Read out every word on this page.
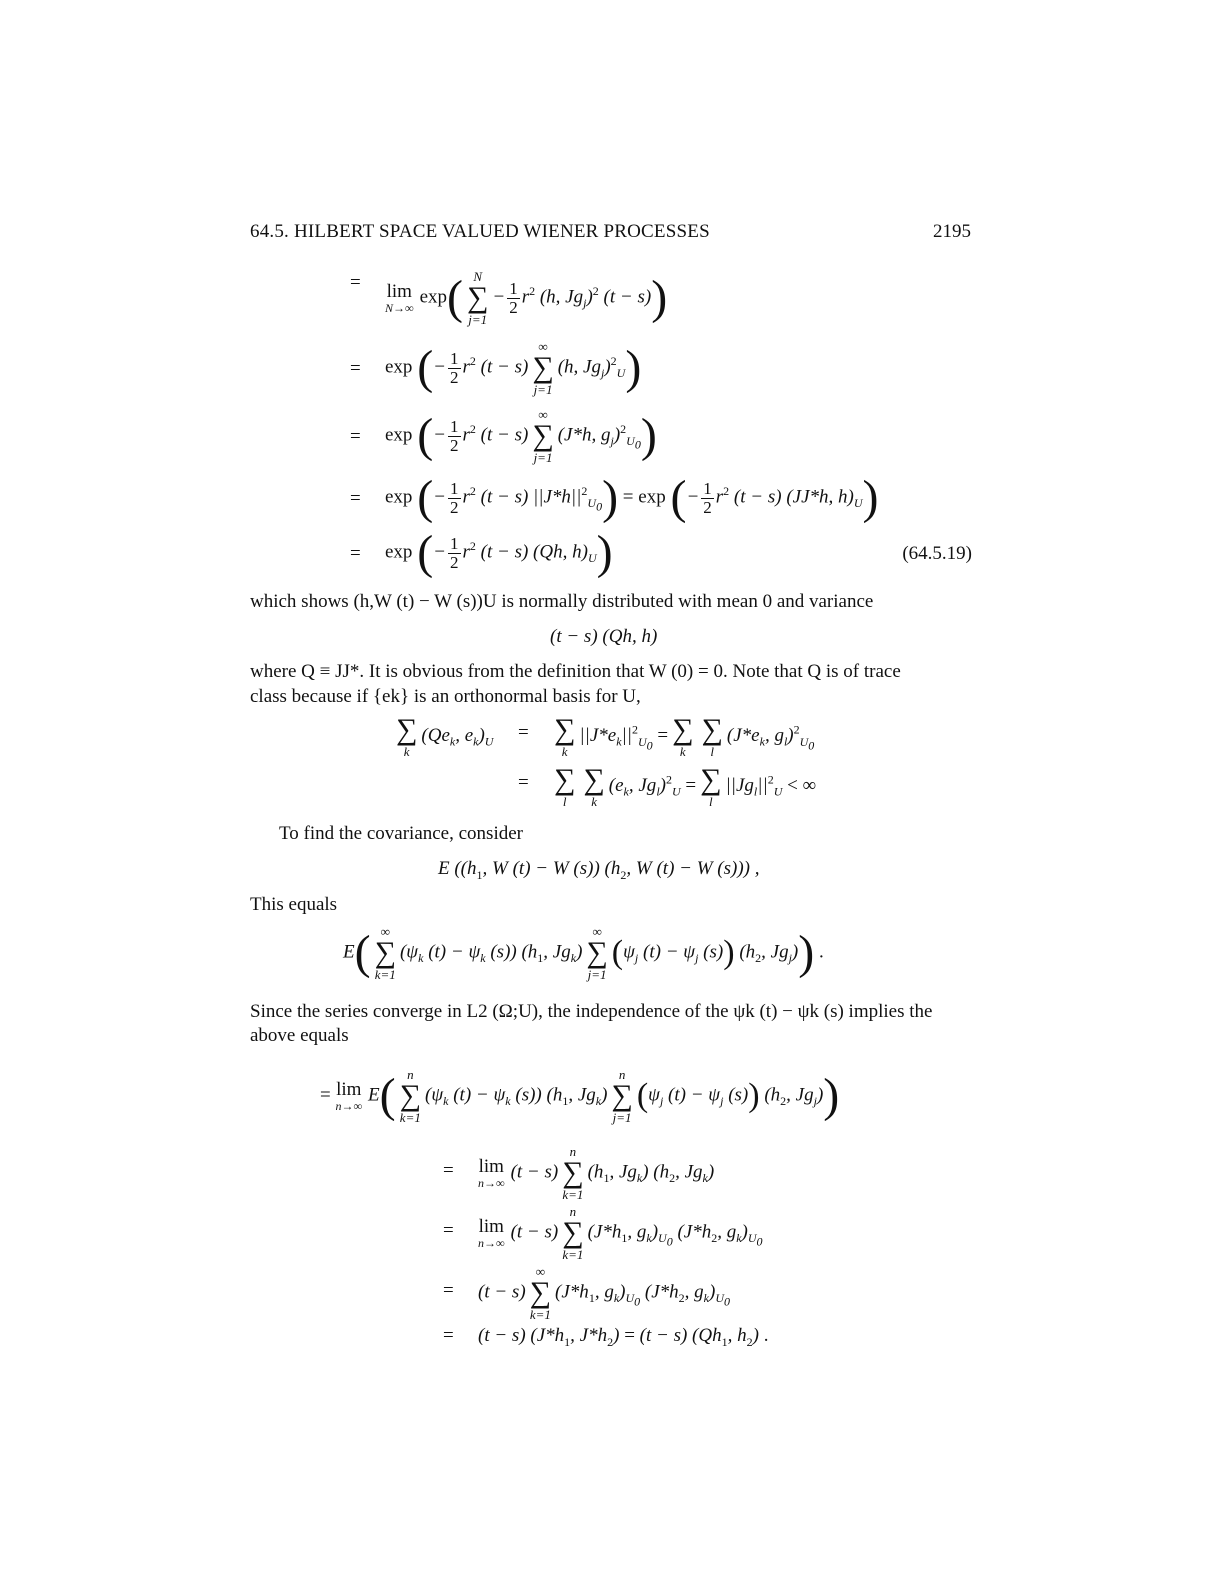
64.5. HILBERT SPACE VALUED WIENER PROCESSES	2195
= lim
N→∞
exp( N
∑
j=1
− $\frac{1}{2} r^2$ (h, $Jg_j)^2$ (t − s))
= exp (− $\frac{1}{2} r^2$ (t − s)
∞
∑
j=1
(h, $Jg_j)^2_U$)
= exp (− $\frac{1}{2} r^2$ (t − s)
∞
∑
j=1
(J*h, $g_j)^2_{U_0}$)
= exp (− $\frac{1}{2} r^2$ (t − s) $||J*h||^2_{U_0}) = \exp$ (− $\frac{1}{2} r^2$ (t − s) (JJ*h, $h)_U$)
= exp (− $\frac{1}{2} r^2$ (t − s) (Qh, $h)_U$)	(64.5.19)
which shows (h,W (t) − W (s))U is normally distributed with mean 0 and variance
(t − s) (Qh, h)
where Q ≡ JJ*. It is obvious from the definition that W (0) = 0. Note that Q is of trace
class because if {ek} is an orthonormal basis for U,
∑
k
($Qe_k$, $e_k)_U$ = ∑
k
$||J*e_k||^2_{U_0}$ = ∑
k
∑
l
($J*e_k$, $g_l)^2_{U_0}$
= ∑
l
∑
k
($e_k$, $Jg_l)^2_U$ = ∑
l
$||Jg_l||^2_U$ < ∞
To find the covariance, consider
E (($h_1$, W (t) − W (s)) ($h_2$, W (t) − W (s))) ,
This equals
E( ∞
∑
k=1
($\psi_k$ $(t) - \psi_k$ (s)) ($h_1$, $Jg_k$)
∞
∑
j=1
($\psi_j$ $(t) - \psi_j$ (s)) ($h_2$, $Jg_j$)) .
Since the series converge in L2 (Ω;U), the independence of the ψk (t) − ψk (s) implies the
above equals
= lim
n→∞
E( n
∑
k=1
($\psi_k$ $(t) - \psi_k$ (s)) ($h_1$, $Jg_k$)
n
∑
j=1
($\psi_j$ $(t) - \psi_j$ (s)) ($h_2$, $Jg_j$))
= lim
n→∞
(t − s)
n
∑
k=1
($h_1$, $Jg_k$) ($h_2$, $Jg_k$)
= lim
n→∞
(t − s)
n
∑
k=1
($J*h_1$, $g_k)_{U_0}$ ($J*h_2$, $g_k)_{U_0}$
= (t − s)
∞
∑
k=1
($J*h_1$, $g_k)_{U_0}$ ($J*h_2$, $g_k)_{U_0}$
= (t − s) ($J*h_1$, $J*h_2) = (t - s)$ ($Qh_1$, $h_2$) .
